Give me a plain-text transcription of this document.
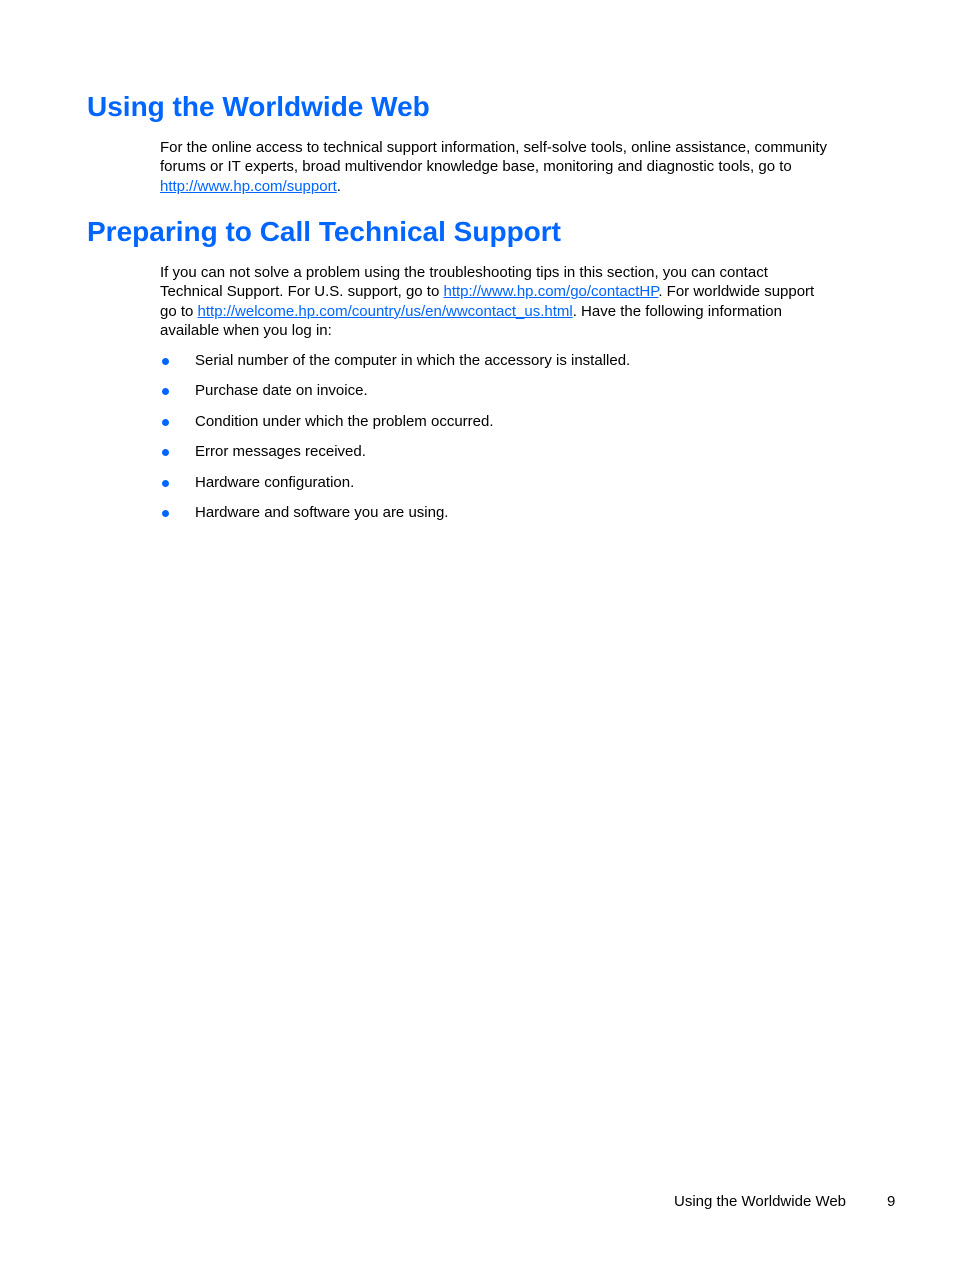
Using the Worldwide Web
For the online access to technical support information, self-solve tools, online assistance, community
forums or IT experts, broad multivendor knowledge base, monitoring and diagnostic tools, go to
http://www.hp.com/support.
Preparing to Call Technical Support
If you can not solve a problem using the troubleshooting tips in this section, you can contact
Technical Support. For U.S. support, go to http://www.hp.com/go/contactHP. For worldwide support
go to http://welcome.hp.com/country/us/en/wwcontact_us.html. Have the following information
available when you log in:
Serial number of the computer in which the accessory is installed.
Purchase date on invoice.
Condition under which the problem occurred.
Error messages received.
Hardware configuration.
Hardware and software you are using.
Using the Worldwide Web	9
